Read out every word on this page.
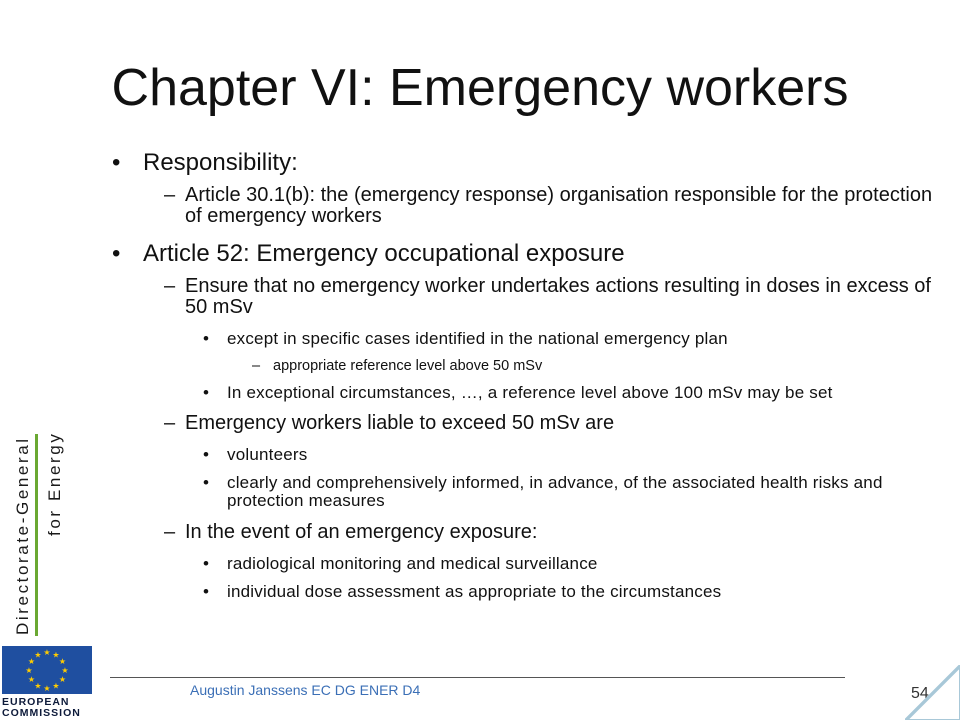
Chapter VI: Emergency workers
• Responsibility:
– Article 30.1(b): the (emergency response) organisation responsible for the protection of emergency workers
• Article 52: Emergency occupational exposure
– Ensure that no emergency worker undertakes actions resulting in doses in excess of 50 mSv
• except in specific cases identified in the national emergency plan
– appropriate reference level above 50 mSv
• In exceptional circumstances, …, a reference level above 100 mSv may be set
– Emergency workers liable to exceed 50 mSv are
• volunteers
• clearly and comprehensively informed, in advance, of the associated health risks and protection measures
– In the event of an emergency exposure:
• radiological monitoring and medical surveillance
• individual dose assessment as appropriate to the circumstances
Directorate-General for Energy
★ ★
★
★
★
★
★
★
★
★
★
★
EUROPEAN
COMMISSION
Augustin Janssens EC DG ENER D4	54
